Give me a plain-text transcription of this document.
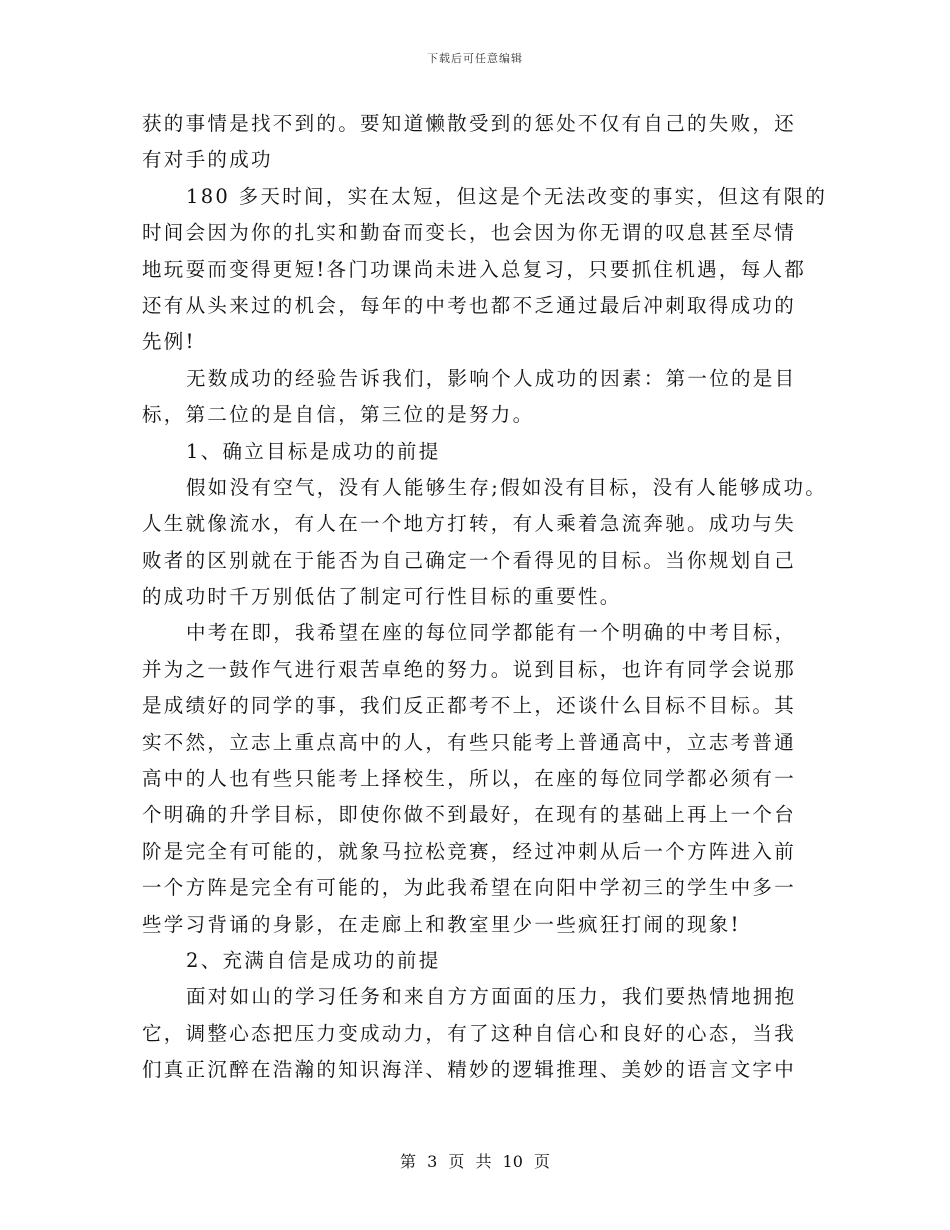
下载后可任意编辑
获的事情是找不到的。要知道懒散受到的惩处不仅有自己的失败，还
有对手的成功
180 多天时间，实在太短，但这是个无法改变的事实，但这有限的
时间会因为你的扎实和勤奋而变长，也会因为你无谓的叹息甚至尽情
地玩耍而变得更短!各门功课尚未进入总复习，只要抓住机遇，每人都
还有从头来过的机会，每年的中考也都不乏通过最后冲刺取得成功的
先例!
无数成功的经验告诉我们，影响个人成功的因素：第一位的是目
标，第二位的是自信，第三位的是努力。
1、确立目标是成功的前提
假如没有空气，没有人能够生存;假如没有目标，没有人能够成功。
人生就像流水，有人在一个地方打转，有人乘着急流奔驰。成功与失
败者的区别就在于能否为自己确定一个看得见的目标。当你规划自己
的成功时千万别低估了制定可行性目标的重要性。
中考在即，我希望在座的每位同学都能有一个明确的中考目标，
并为之一鼓作气进行艰苦卓绝的努力。说到目标，也许有同学会说那
是成绩好的同学的事，我们反正都考不上，还谈什么目标不目标。其
实不然，立志上重点高中的人，有些只能考上普通高中，立志考普通
高中的人也有些只能考上择校生，所以，在座的每位同学都必须有一
个明确的升学目标，即使你做不到最好，在现有的基础上再上一个台
阶是完全有可能的，就象马拉松竞赛，经过冲刺从后一个方阵进入前
一个方阵是完全有可能的，为此我希望在向阳中学初三的学生中多一
些学习背诵的身影，在走廊上和教室里少一些疯狂打闹的现象!
2、充满自信是成功的前提
面对如山的学习任务和来自方方面面的压力，我们要热情地拥抱
它，调整心态把压力变成动力，有了这种自信心和良好的心态，当我
们真正沉醉在浩瀚的知识海洋、精妙的逻辑推理、美妙的语言文字中
第 3 页 共 10 页
